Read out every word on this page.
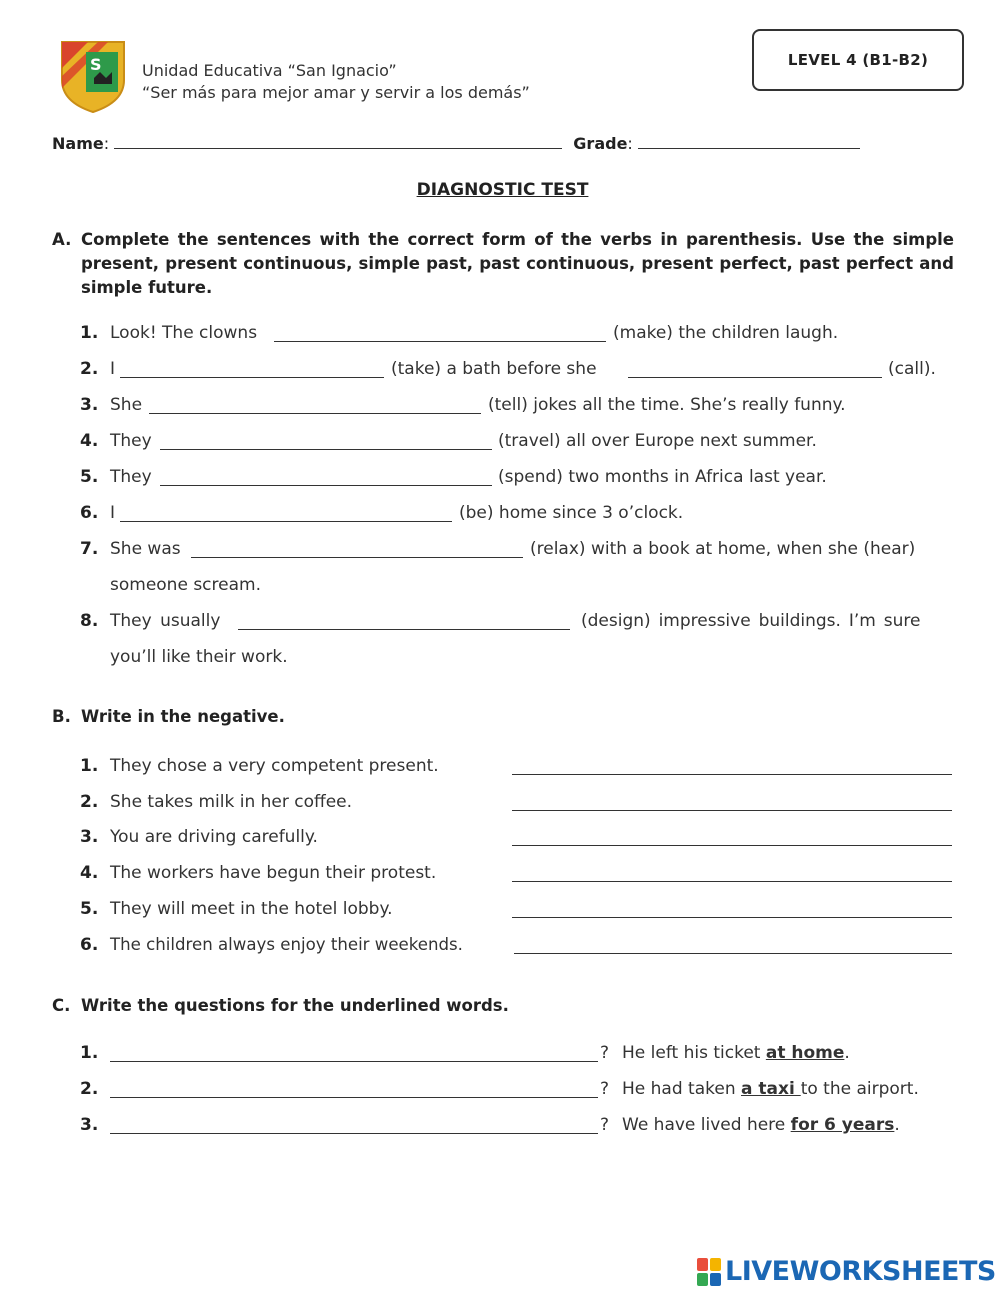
S	Unidad Educativa “San Ignacio”
“Ser más para mejor amar y servir a los demás”
LEVEL 4 (B1-B2)
Name:	Grade:
DIAGNOSTIC TEST
A. Complete the sentences with the correct form of the verbs in parenthesis. Use the simple present, present continuous, simple past, past continuous, present perfect, past perfect and simple future.
1. Look! The clowns	(make) the children laugh.
2. I	(take) a bath before she	(call).
3. She	(tell) jokes all the time. She’s really funny.
4. They	(travel) all over Europe next summer.
5. They	(spend) two months in Africa last year.
6. I	(be) home since 3 o’clock.
7. She was	(relax) with a book at home, when she (hear)
someone scream.
8. They usually	(design) impressive buildings. I’m sure
you’ll like their work.
B. Write in the negative.
1. They chose a very competent present.
2. She takes milk in her coffee.
3. You are driving carefully.
4. The workers have begun their protest.
5. They will meet in the hotel lobby.
6. The children always enjoy their weekends.
C. Write the questions for the underlined words.
1.	? He left his ticket at home.
2.	? He had taken a taxi to the airport.
3.	? We have lived here for 6 years.
LIVEWORKSHEETS
